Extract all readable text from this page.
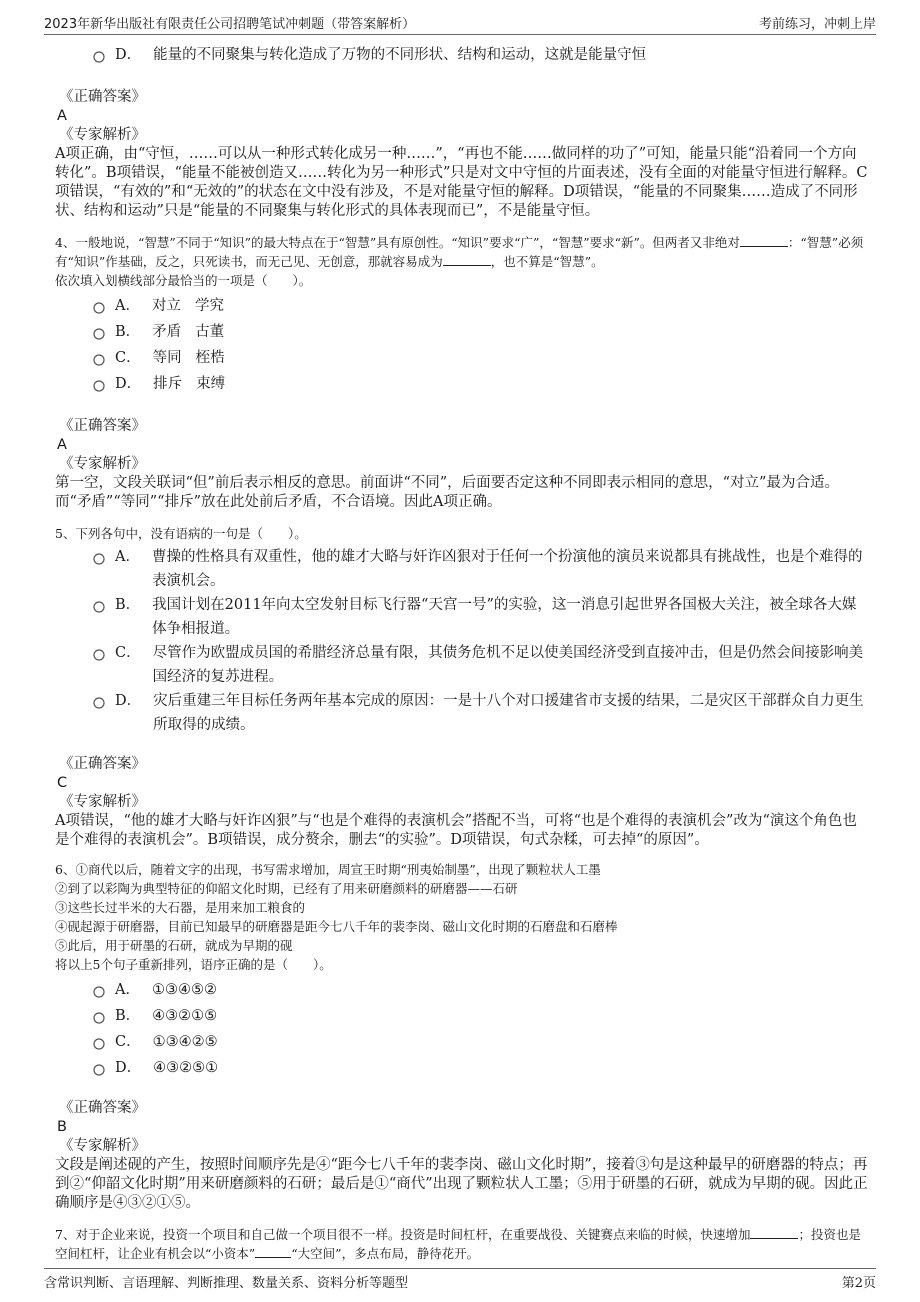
2023年新华出版社有限责任公司招聘笔试冲刺题（带答案解析）	考前练习，冲刺上岸
D． 能量的不同聚集与转化造成了万物的不同形状、结构和运动，这就是能量守恒
《正确答案》
A
《专家解析》
A项正确，由“守恒，……可以从一种形式转化成另一种……”，“再也不能……做同样的功了”可知，能量只能“沿着同一个方向转化”。B项错误，“能量不能被创造又……转化为另一种形式”只是对文中守恒的片面表述，没有全面的对能量守恒进行解释。C项错误，“有效的”和“无效的”的状态在文中没有涉及，不是对能量守恒的解释。D项错误，“能量的不同聚集……造成了不同形状、结构和运动”只是“能量的不同聚集与转化形式的具体表现而已”，不是能量守恒。
4、一般地说，“智慧”不同于“知识”的最大特点在于“智慧”具有原创性。“知识”要求“广”，“智慧”要求“新”。但两者又非绝对	：“智慧”必须有“知识”作基础，反之，只死读书，而无己见、无创意，那就容易成为	，也不算是“智慧”。
依次填入划横线部分最恰当的一项是（　　）。
A． 对立 学究
B． 矛盾 古董
C． 等同 桎梏
D． 排斥 束缚
《正确答案》
A
《专家解析》
第一空，文段关联词“但”前后表示相反的意思。前面讲“不同”，后面要否定这种不同即表示相同的意思，“对立”最为合适。而“矛盾”“等同”“排斥”放在此处前后矛盾，不合语境。因此A项正确。
5、下列各句中，没有语病的一句是（　　）。
A． 曹操的性格具有双重性，他的雄才大略与奸诈凶狠对于任何一个扮演他的演员来说都具有挑战性，也是个难得的表演机会。
B． 我国计划在2011年向太空发射目标飞行器“天宫一号”的实验，这一消息引起世界各国极大关注，被全球各大媒体争相报道。
C． 尽管作为欧盟成员国的希腊经济总量有限，其债务危机不足以使美国经济受到直接冲击，但是仍然会间接影响美国经济的复苏进程。
D． 灾后重建三年目标任务两年基本完成的原因：一是十八个对口援建省市支援的结果，二是灾区干部群众自力更生所取得的成绩。
《正确答案》
C
《专家解析》
A项错误，“他的雄才大略与奸诈凶狠”与“也是个难得的表演机会”搭配不当，可将“也是个难得的表演机会”改为“演这个角色也是个难得的表演机会”。B项错误，成分赘余，删去“的实验”。D项错误，句式杂糅，可去掉“的原因”。
6、①商代以后，随着文字的出现，书写需求增加，周宣王时期“刑夷始制墨”，出现了颗粒状人工墨
②到了以彩陶为典型特征的仰韶文化时期，已经有了用来研磨颜料的研磨器——石研
③这些长过半米的大石器，是用来加工粮食的
④砚起源于研磨器，目前已知最早的研磨器是距今七八千年的裴李岗、磁山文化时期的石磨盘和石磨棒
⑤此后，用于研墨的石研，就成为早期的砚
将以上5个句子重新排列，语序正确的是（　　）。
A． ①③④⑤②
B． ④③②①⑤
C． ①③④②⑤
D． ④③②⑤①
《正确答案》
B
《专家解析》
文段是阐述砚的产生，按照时间顺序先是④“距今七八千年的裴李岗、磁山文化时期”，接着③句是这种最早的研磨器的特点；再到②“仰韶文化时期”用来研磨颜料的石研；最后是①“商代”出现了颗粒状人工墨；⑤用于研墨的石研，就成为早期的砚。因此正确顺序是④③②①⑤。
7、对于企业来说，投资一个项目和自己做一个项目很不一样。投资是时间杠杆，在重要战役、关键赛点来临的时候，快速增加	；投资也是空间杠杆，让企业有机会以“小资本”	“大空间”，多点布局，静待花开。
含常识判断、言语理解、判断推理、数量关系、资料分析等题型	第2页
